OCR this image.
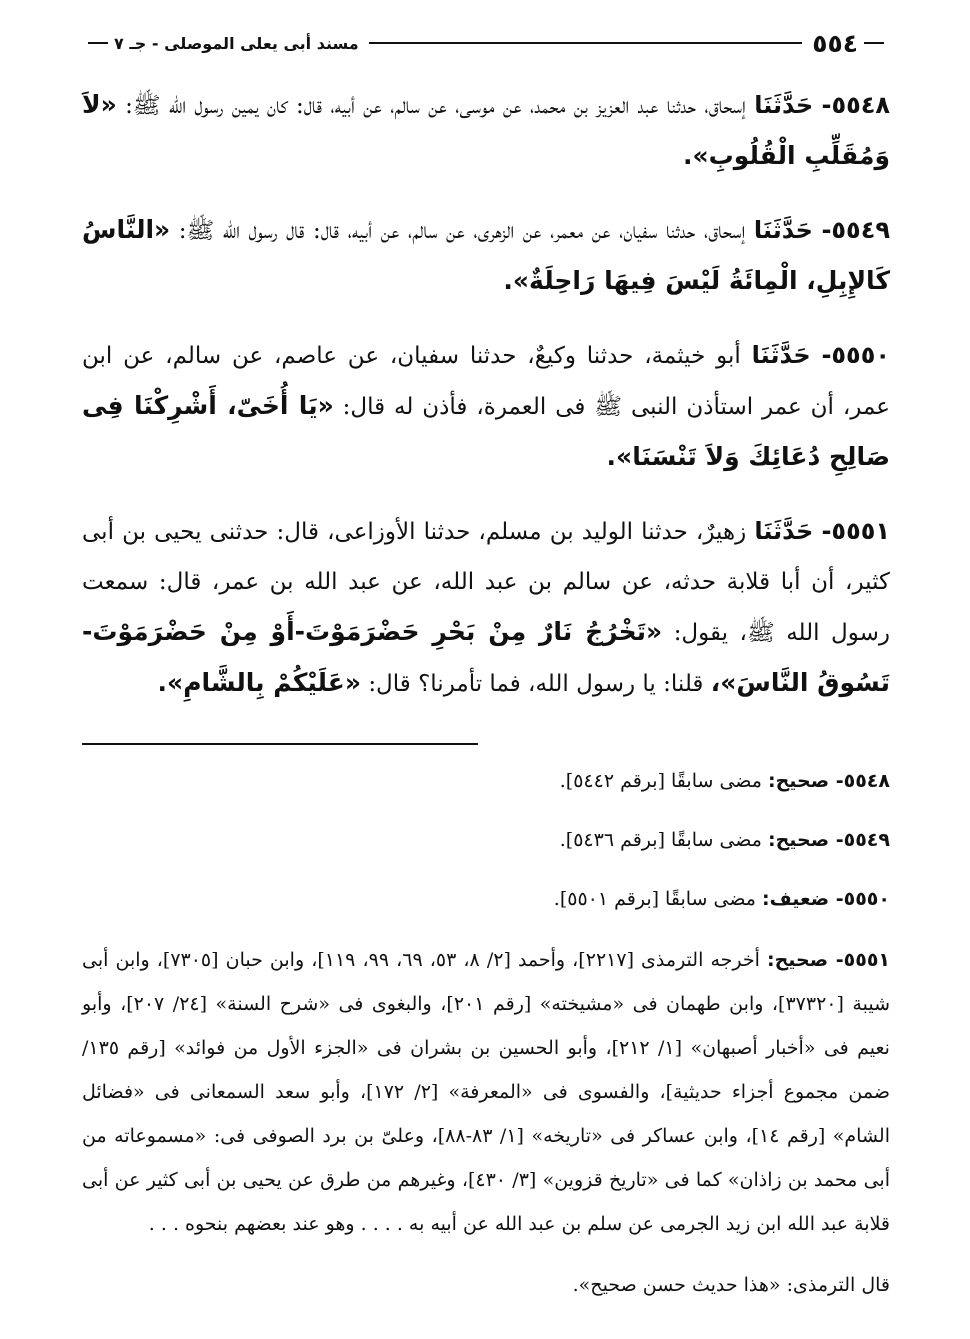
٥٥٤
مسند أبى يعلى الموصلى - جـ ٧

٥٥٤٨- حَدَّثَنَا إسحاق، حدثنا عبد العزيز بن محمد، عن موسى، عن سالم، عن أبيه، قال: كان يمين رسول الله ﷺ: «لاَ وَمُقَلِّبِ الْقُلُوبِ».

٥٥٤٩- حَدَّثَنَا إسحاق، حدثنا سفيان، عن معمر، عن الزهرى، عن سالم، عن أبيه، قال: قال رسول الله ﷺ: «النَّاسُ كَالإِبِلِ، الْمِائَةُ لَيْسَ فِيهَا رَاحِلَةٌ».

٥٥٥٠- حَدَّثَنَا أبو خيثمة، حدثنا وكيعٌ، حدثنا سفيان، عن عاصم، عن سالم، عن ابن عمر، أن عمر استأذن النبى ﷺ فى العمرة، فأذن له قال: «يَا أُخَىّ، أَشْرِكْنَا فِى صَالِحِ دُعَائِكَ وَلاَ تَنْسَنَا».

٥٥٥١- حَدَّثَنَا زهيرٌ، حدثنا الوليد بن مسلم، حدثنا الأوزاعى، قال: حدثنى يحيى بن أبى كثير، أن أبا قلابة حدثه، عن سالم بن عبد الله، عن عبد الله بن عمر، قال: سمعت رسول الله ﷺ، يقول: «تَخْرُجُ نَارٌ مِنْ بَحْرِ حَضْرَمَوْتَ-أَوْ مِنْ حَضْرَمَوْتَ- تَسُوقُ النَّاسَ»، قلنا: يا رسول الله، فما تأمرنا؟ قال: «عَلَيْكُمْ بِالشَّامِ».

٥٥٤٨- صحيح: مضى سابقًا [برقم ٥٤٤٢].

٥٥٤٩- صحيح: مضى سابقًا [برقم ٥٤٣٦].

٥٥٥٠- ضعيف: مضى سابقًا [برقم ٥٥٠١].

٥٥٥١- صحيح: أخرجه الترمذى [٢٢١٧]، وأحمد [٢/ ٨، ٥٣، ٦٩، ٩٩، ١١٩]، وابن حبان [٧٣٠٥]، وابن أبى شيبة [٣٧٣٢٠]، وابن طهمان فى «مشيخته» [رقم ٢٠١]، والبغوى فى «شرح السنة» [٢٤/ ٢٠٧]، وأبو نعيم فى «أخبار أصبهان» [١/ ٢١٢]، وأبو الحسين بن بشران فى «الجزء الأول من فوائد» [رقم ١٣٥/ ضمن مجموع أجزاء حديثية]، والفسوى فى «المعرفة» [٢/ ١٧٢]، وأبو سعد السمعانى فى «فضائل الشام» [رقم ١٤]، وابن عساكر فى «تاريخه» [١/ ٨٣-٨٨]، وعلىّ بن برد الصوفى فى: «مسموعاته من أبى محمد بن زاذان» كما فى «تاريخ قزوين» [٣/ ٤٣٠]، وغيرهم من طرق عن يحيى بن أبى كثير عن أبى قلابة عبد الله ابن زيد الجرمى عن سلم بن عبد الله عن أبيه به . . . . وهو عند بعضهم بنحوه . . .

قال الترمذى: «هذا حديث حسن صحيح».
